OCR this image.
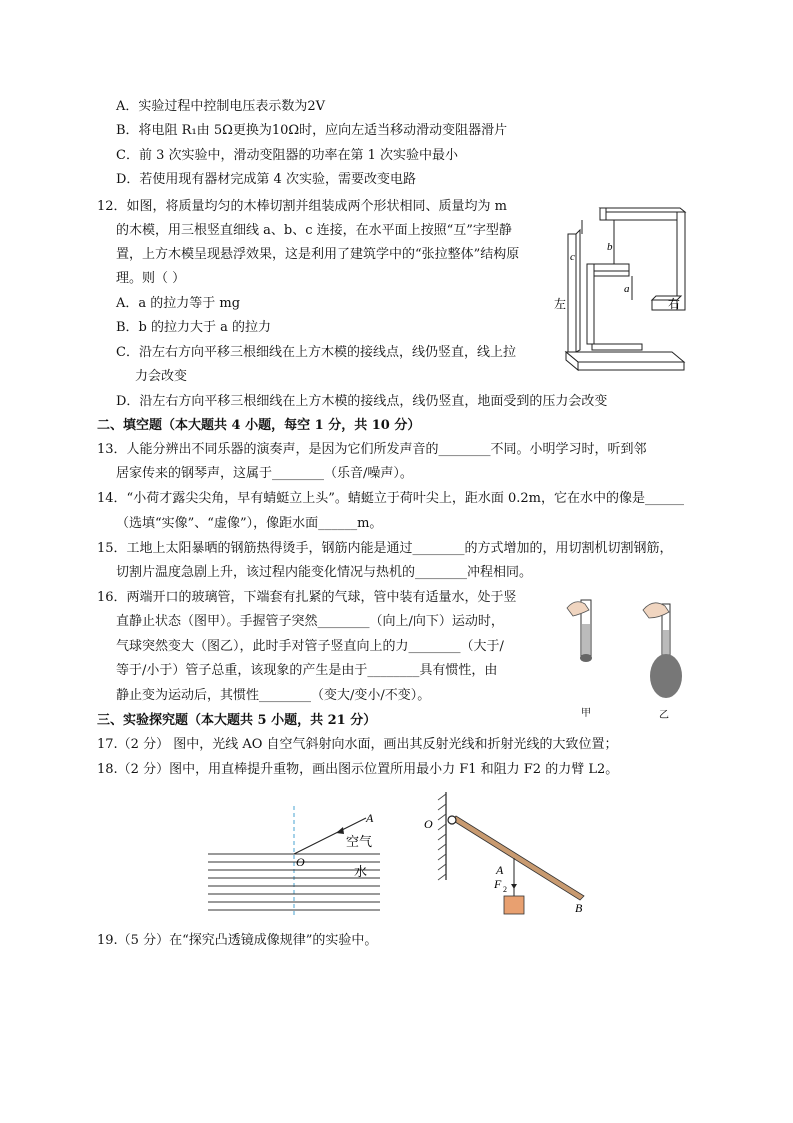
A．实验过程中控制电压表示数为2V
B．将电阻 R₁由 5Ω更换为10Ω时，应向左适当移动滑动变阻器滑片
C．前 3 次实验中，滑动变阻器的功率在第 1 次实验中最小
D．若使用现有器材完成第 4 次实验，需要改变电路
12．如图，将质量均匀的木棒切割并组装成两个形状相同、质量均为 m
的木模，用三根竖直细线 a、b、c 连接，在水平面上按照“互”字型静
置，上方木模呈现悬浮效果，这是利用了建筑学中的“张拉整体”结构原
理。则（ ）
A．a 的拉力等于 mg
B．b 的拉力大于 a 的拉力
C．沿左右方向平移三根细线在上方木模的接线点，线仍竖直，线上拉
力会改变
D．沿左右方向平移三根细线在上方木模的接线点，线仍竖直，地面受到的压力会改变
二、填空题（本大题共 4 小题，每空 1 分，共 10 分）
13．人能分辨出不同乐器的演奏声，是因为它们所发声音的________不同。小明学习时，听到邻
居家传来的钢琴声，这属于________（乐音/噪声）。
14．“小荷才露尖尖角，早有蜻蜓立上头”。蜻蜓立于荷叶尖上，距水面 0.2m，它在水中的像是______
（选填“实像”、“虚像”），像距水面______m。
15．工地上太阳暴晒的钢筋热得烫手，钢筋内能是通过________的方式增加的，用切割机切割钢筋，
切割片温度急剧上升，该过程内能变化情况与热机的________冲程相同。
16．两端开口的玻璃管，下端套有扎紧的气球，管中装有适量水，处于竖
直静止状态（图甲）。手握管子突然________（向上/向下）运动时，
气球突然变大（图乙），此时手对管子竖直向上的力________（大于/
等于/小于）管子总重，该现象的产生是由于________具有惯性，由
静止变为运动后，其惯性________（变大/变小/不变）。
三、实验探究题（本大题共 5 小题，共 21 分）
17.（2 分） 图中，光线 AO 自空气斜射向水面，画出其反射光线和折射光线的大致位置；
18.（2 分）图中，用直棒提升重物，画出图示位置所用最小力 F1 和阻力 F2 的力臂 L2。
19.（5 分）在“探究凸透镜成像规律”的实验中。
c
b
a
左	右
甲	乙
A
O
空气
水
O
A
F 2
B
